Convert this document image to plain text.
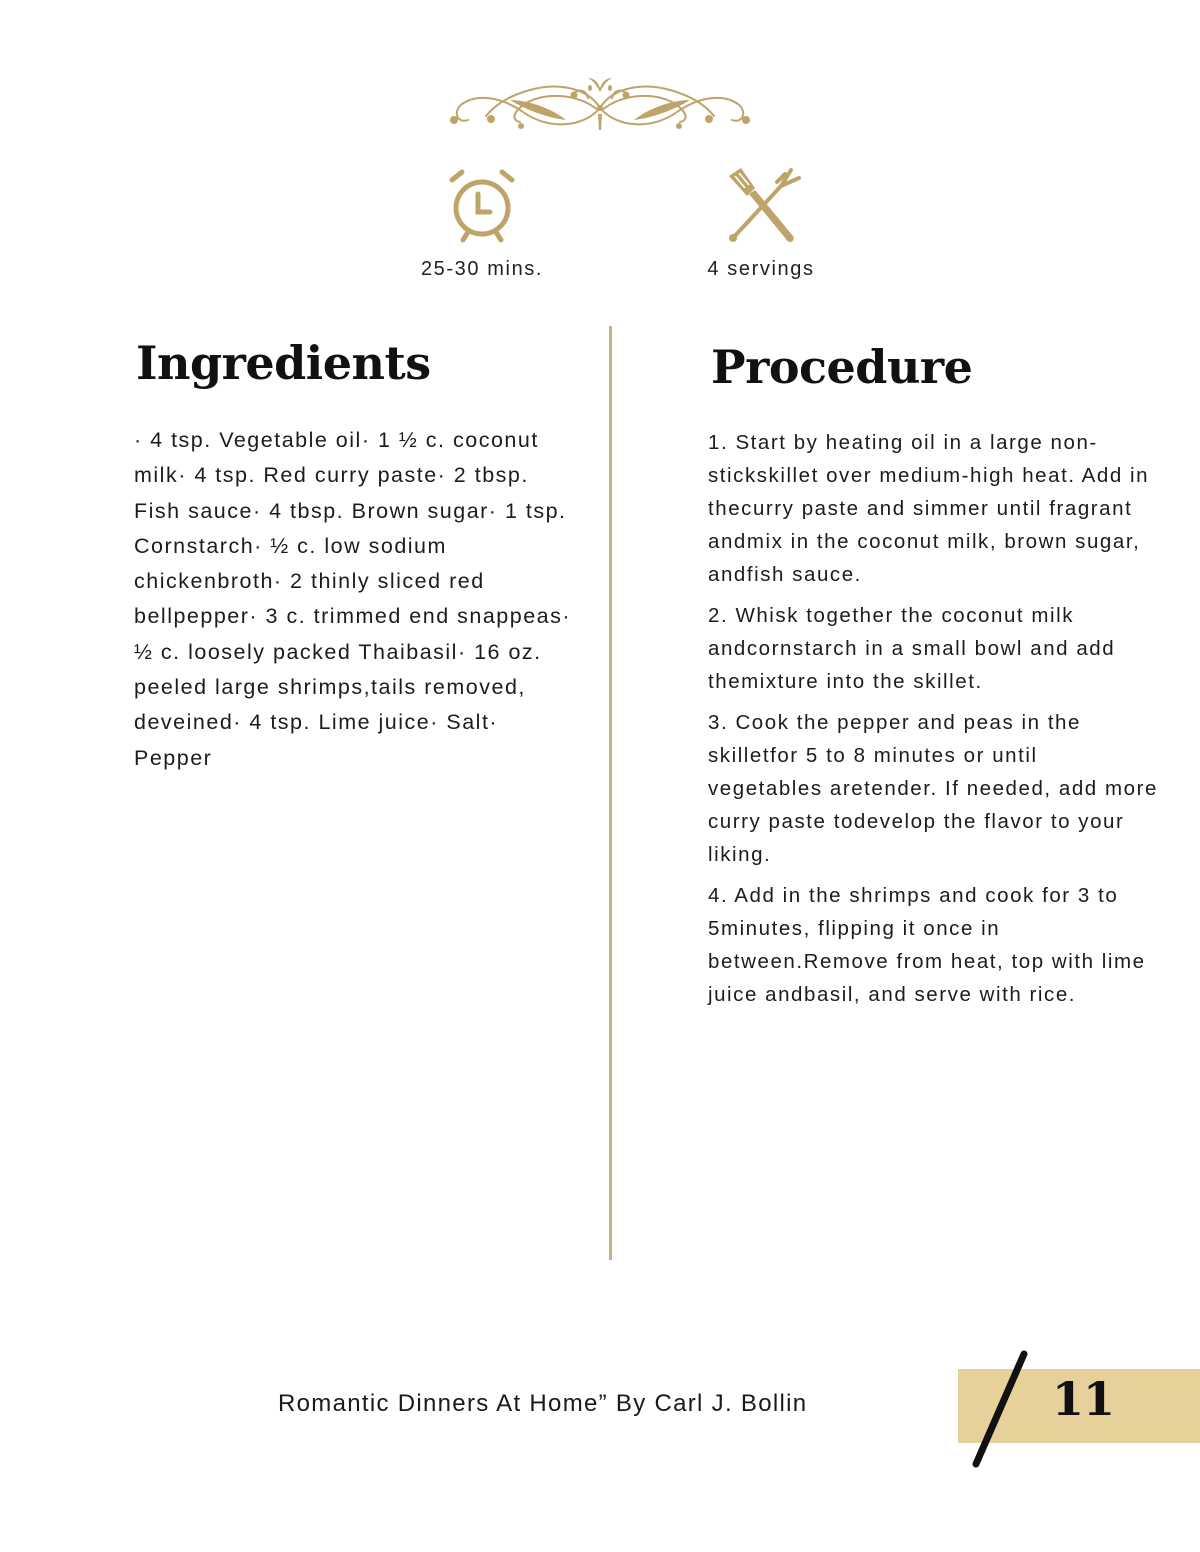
25-30 mins.	4 servings
Ingredients

· 4 tsp. Vegetable oil· 1 ½ c. coconut milk· 4 tsp. Red curry paste· 2 tbsp. Fish sauce· 4 tbsp. Brown sugar· 1 tsp. Cornstarch· ½ c. low sodium chickenbroth· 2 thinly sliced red bellpepper· 3 c. trimmed end snappeas· ½ c. loosely packed Thaibasil· 16 oz. peeled large shrimps,tails removed, deveined· 4 tsp. Lime juice· Salt· Pepper

Procedure

1. Start by heating oil in a large non-stickskillet over medium-high heat. Add in thecurry paste and simmer until fragrant andmix in the coconut milk, brown sugar, andfish sauce.

2. Whisk together the coconut milk andcornstarch in a small bowl and add themixture into the skillet.

3. Cook the pepper and peas in the skilletfor 5 to 8 minutes or until vegetables aretender. If needed, add more curry paste todevelop the flavor to your liking.

4. Add in the shrimps and cook for 3 to 5minutes, flipping it once in between.Remove from heat, top with lime juice andbasil, and serve with rice.

Romantic Dinners At Home” By Carl J. Bollin	11
